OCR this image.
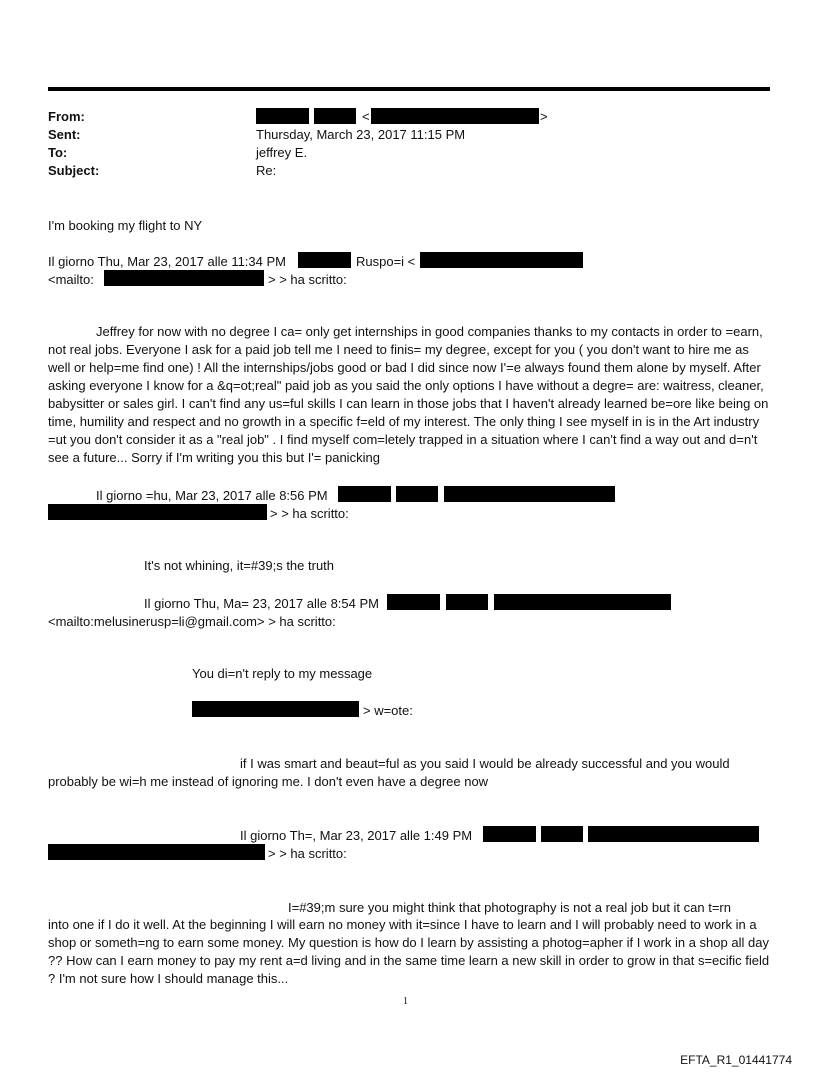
From:	<	>
Sent:	Thursday, March 23, 2017 11:15 PM
To:	jeffrey E.
Subject:	Re:
I'm booking my flight to NY
Il giorno Thu, Mar 23, 2017 alle 11:34 PM	Ruspo=i <
<mailto:	> > ha scritto:
Jeffrey for now with no degree I ca= only get internships in good companies thanks to my contacts in order to =earn, not real jobs. Everyone I ask for a paid job tell me I need to finis= my degree, except for you ( you don't want to hire me as well or help=me find one) ! All the internships/jobs good or bad I did since now I'=e always found them alone by myself. After asking everyone I know for a &q=ot;real" paid job as you said the only options I have without a degre= are: waitress, cleaner, babysitter or sales girl. I can't find any us=ful skills I can learn in those jobs that I haven't already learned be=ore like being on time, humility and respect and no growth in a specific f=eld of my interest. The only thing I see myself in is in the Art industry =ut you don't consider it as a "real job" . I find myself com=letely trapped in a situation where I can't find a way out and d=n't see a future... Sorry if I'm writing you this but I'= panicking
Il giorno =hu, Mar 23, 2017 alle 8:56 PM
> > ha scritto:
It's not whining, it=#39;s the truth
Il giorno Thu, Ma= 23, 2017 alle 8:54 PM
<mailto:melusinerusp=li@gmail.com> > ha scritto:
You di=n't reply to my message
> w=ote:
if I was smart and beaut=ful as you said I would be already successful and you would
probably be wi=h me instead of ignoring me. I don't even have a degree now
Il giorno Th=, Mar 23, 2017 alle 1:49 PM
> > ha scritto:
I=#39;m sure you might think that photography is not a real job but it can t=rn
into one if I do it well. At the beginning I will earn no money with it=since I have to learn and I will probably need to work in a shop or someth=ng to earn some money. My question is how do I learn by assisting a photog=apher if I work in a shop all day ?? How can I earn money to pay my rent a=d living and in the same time learn a new skill in order to grow in that s=ecific field ? I'm not sure how I should manage this...
1
EFTA_R1_01441774
